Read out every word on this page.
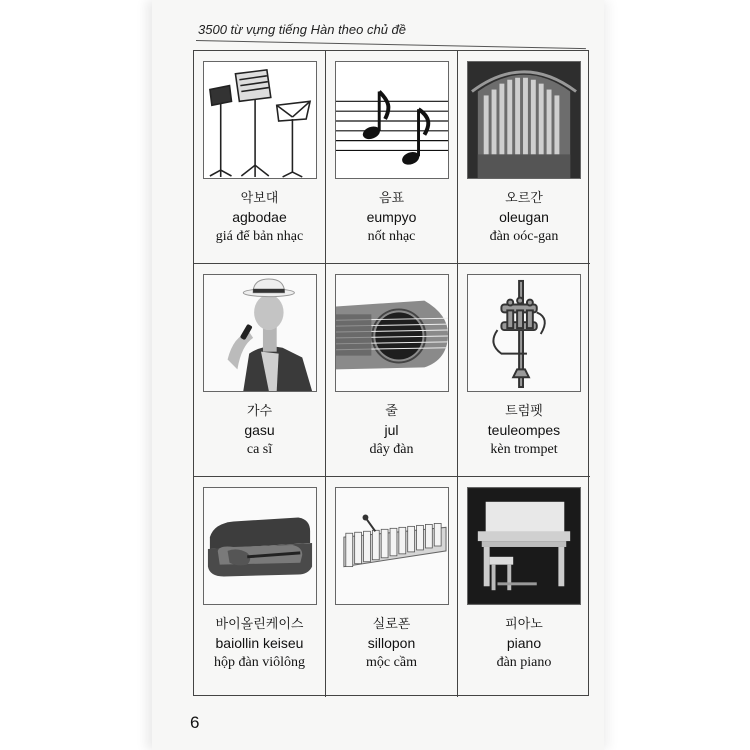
3500 từ vựng tiếng Hàn theo chủ đề
악보대
agbodae
giá để bản nhạc
음표
eumpyo
nốt nhạc
오르간
oleugan
đàn oóc-gan
가수
gasu
ca sĩ
줄
jul
dây đàn
트럼펫
teuleompes
kèn trompet
바이올린케이스
baiollin keiseu
hộp đàn viôlông
실로폰
sillopon
mộc cầm
피아노
piano
đàn piano
6
